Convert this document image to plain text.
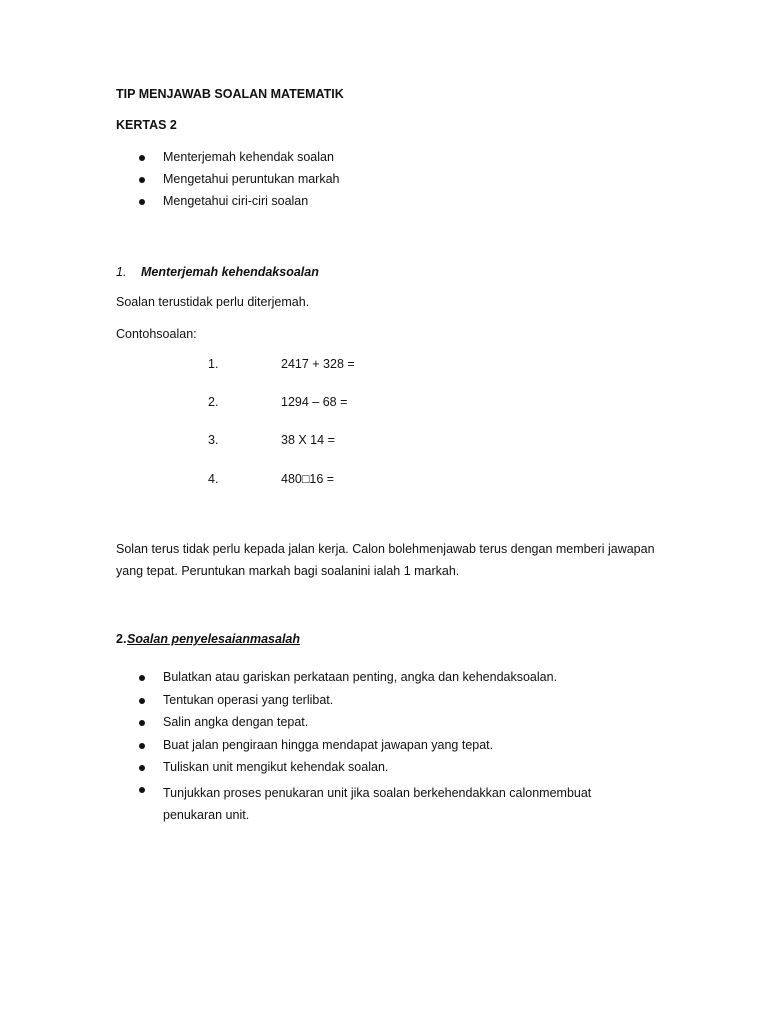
TIP MENJAWAB SOALAN MATEMATIK
KERTAS 2
Menterjemah kehendak soalan
Mengetahui peruntukan markah
Mengetahui ciri-ciri soalan
1. Menterjemah kehendaksoalan
Soalan terustidak perlu diterjemah.
Contohsoalan:
1.	2417 + 328 =
2.	1294 – 68 =
3.	38 X 14 =
4.	480□16 =
Solan terus tidak perlu kepada jalan kerja. Calon bolehmenjawab terus dengan memberi jawapan yang tepat. Peruntukan markah bagi soalanini ialah 1 markah.
2. Soalan penyelesaianmasalah
Bulatkan atau gariskan perkataan penting, angka dan kehendaksoalan.
Tentukan operasi yang terlibat.
Salin angka dengan tepat.
Buat jalan pengiraan hingga mendapat jawapan yang tepat.
Tuliskan unit mengikut kehendak soalan.
Tunjukkan proses penukaran unit jika soalan berkehendakkan calonmembuat penukaran unit.
